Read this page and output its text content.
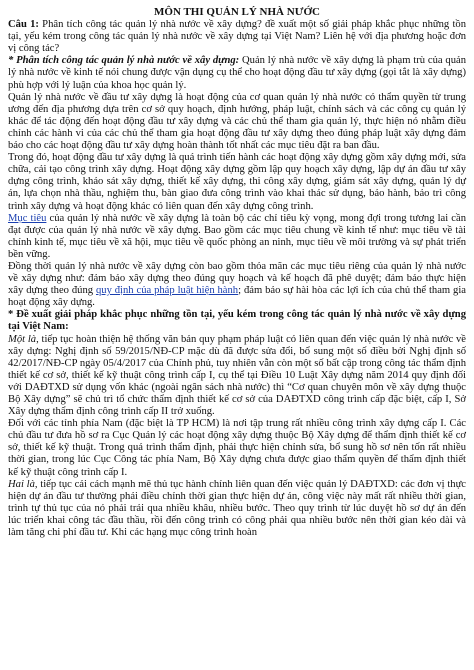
MÔN THI QUẢN LÝ NHÀ NƯỚC

Câu 1: Phân tích công tác quản lý nhà nước về xây dựng? đề xuất một số giải pháp khắc phục những tồn tại, yếu kém trong công tác quản lý nhà nước về xây dựng tại Việt Nam? Liên hệ với địa phương hoặc đơn vị công tác?

* Phân tích công tác quản lý nhà nước về xây dựng: Quản lý nhà nước về xây dựng là phạm trù của quản lý nhà nước về kinh tế nói chung được vận dụng cụ thể cho hoạt động đầu tư xây dựng (gọi tắt là xây dựng) phù hợp với lý luận của khoa học quản lý.

Quản lý nhà nước về đầu tư xây dựng là hoạt động của cơ quan quản lý nhà nước có thẩm quyền từ trung ương đến địa phương dựa trên cơ sở quy hoạch, định hướng, pháp luật, chính sách và các công cụ quản lý khác để tác động đến hoạt động đầu tư xây dựng và các chủ thể tham gia quản lý, thực hiện nó nhằm điều chỉnh các hành vi của các chủ thể tham gia hoạt động đầu tư xây dựng theo đúng pháp luật xây dựng đảm bảo cho các hoạt động đầu tư xây dựng hoàn thành tốt nhất các mục tiêu đặt ra ban đầu.

Trong đó, hoạt động đầu tư xây dựng là quá trình tiến hành các hoạt động xây dựng gồm xây dựng mới, sửa chữa, cải tạo công trình xây dựng. Hoạt động xây dựng gồm lập quy hoạch xây dựng, lập dự án đầu tư xây dựng công trình, khảo sát xây dựng, thiết kế xây dựng, thi công xây dựng, giám sát xây dựng, quản lý dự án, lựa chọn nhà thầu, nghiệm thu, bàn giao đưa công trình vào khai thác sử dụng, bảo hành, bảo trì công trình xây dựng và hoạt động khác có liên quan đến xây dựng công trình.

Mục tiêu của quản lý nhà nước về xây dựng là toàn bộ các chỉ tiêu kỳ vọng, mong đợi trong tương lai cần đạt được của quản lý nhà nước về xây dựng. Bao gồm các mục tiêu chung về kinh tế như: mục tiêu về tài chính kinh tế, mục tiêu về xã hội, mục tiêu về quốc phòng an ninh, mục tiêu về môi trường và sự phát triển bền vững.

Đồng thời quản lý nhà nước về xây dựng còn bao gồm thỏa mãn các mục tiêu riêng của quản lý nhà nước về xây dựng như: đảm bảo xây dựng theo đúng quy hoạch và kế hoạch đã phê duyệt; đảm bảo thực hiện xây dựng theo đúng quy định của pháp luật hiện hành; đảm bảo sự hài hòa các lợi ích của chủ thể tham gia hoạt động xây dựng.

* Đề xuất giải pháp khắc phục những tồn tại, yếu kém trong công tác quản lý nhà nước về xây dựng tại Việt Nam:

Một là, tiếp tục hoàn thiện hệ thống văn bản quy phạm pháp luật có liên quan đến việc quản lý nhà nước về xây dựng: Nghị định số 59/2015/NĐ-CP mặc dù đã được sửa đổi, bổ sung một số điều bởi Nghị định số 42/2017/NĐ-CP ngày 05/4/2017 của Chính phủ, tuy nhiên vẫn còn một số bất cập trong công tác thẩm định thiết kế cơ sở, thiết kế kỹ thuật công trình cấp I, cụ thể tại Điều 10 Luật Xây dựng năm 2014 quy định đối với DAĐTXD sử dụng vốn khác (ngoài ngân sách nhà nước) thì “Cơ quan chuyên môn về xây dựng thuộc Bộ Xây dựng” sẽ chủ trì tổ chức thẩm định thiết kế cơ sở của DAĐTXD công trình cấp đặc biệt, cấp I, Sở Xây dựng thẩm định công trình cấp II trở xuống.

Đối với các tỉnh phía Nam (đặc biệt là TP HCM) là nơi tập trung rất nhiều công trình xây dựng cấp I. Các chủ đầu tư đưa hồ sơ ra Cục Quản lý các hoạt động xây dựng thuộc Bộ Xây dựng để thẩm định thiết kế cơ sở, thiết kế kỹ thuật. Trong quá trình thẩm định, phải thực hiện chỉnh sửa, bổ sung hồ sơ nên tốn rất nhiều thời gian, trong lúc Cục Công tác phía Nam, Bộ Xây dựng chưa được giao thẩm quyền để thẩm định thiết kế kỹ thuật công trình cấp I.

Hai là, tiếp tục cải cách mạnh mẽ thủ tục hành chính liên quan đến việc quản lý DAĐTXD: các đơn vị thực hiện dự án đầu tư thường phải điều chỉnh thời gian thực hiện dự án, công việc này mất rất nhiều thời gian, trình tự thủ tục của nó phải trải qua nhiều khâu, nhiều bước. Theo quy trình từ lúc duyệt hồ sơ dự án đến lúc triển khai công tác đầu thầu, rồi đến công trình có công phải qua nhiều bước nên thời gian kéo dài và làm tăng chi phí đầu tư. Khi các hạng mục công trình hoàn
